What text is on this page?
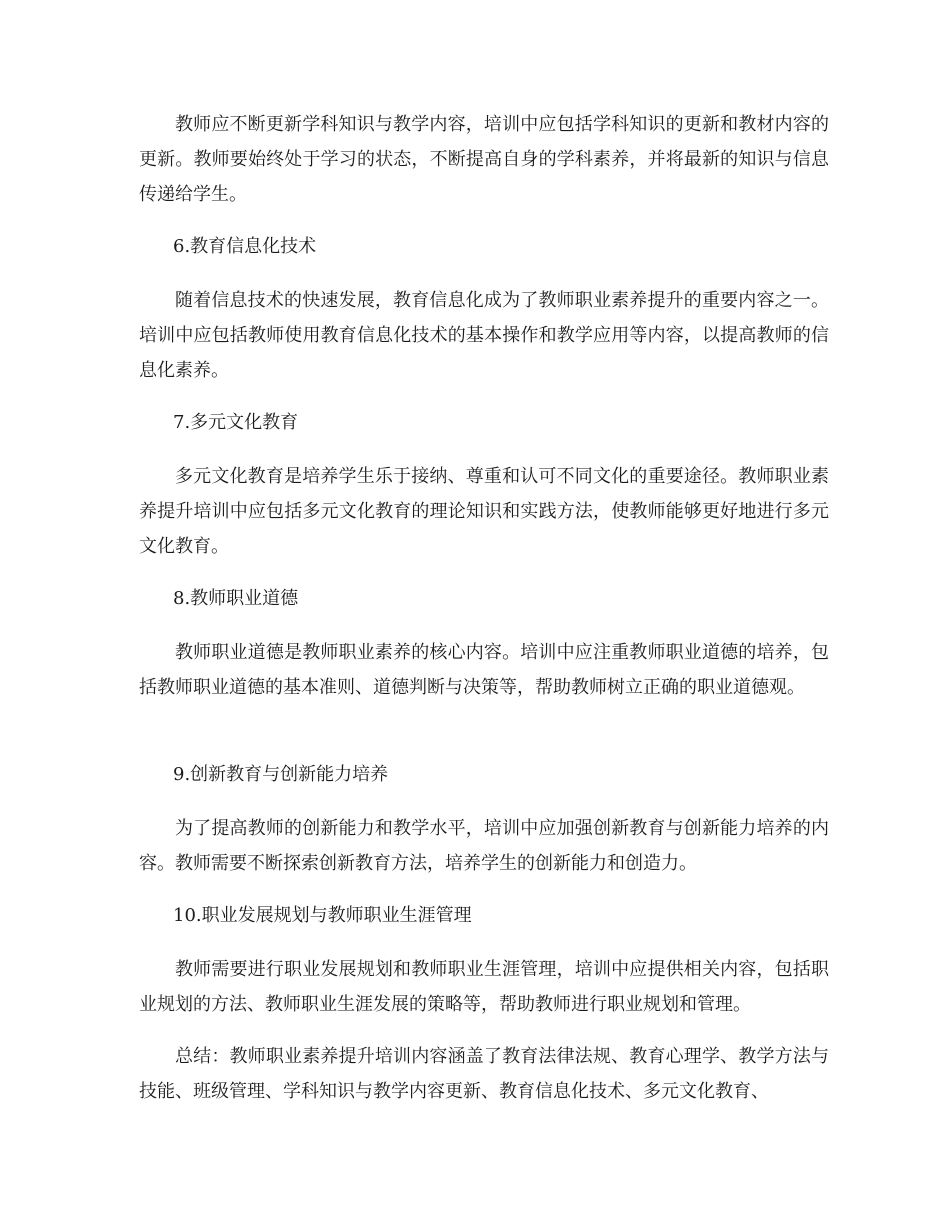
教师应不断更新学科知识与教学内容，培训中应包括学科知识的更新和教材内容的更新。教师要始终处于学习的状态，不断提高自身的学科素养，并将最新的知识与信息传递给学生。

6.教育信息化技术

随着信息技术的快速发展，教育信息化成为了教师职业素养提升的重要内容之一。培训中应包括教师使用教育信息化技术的基本操作和教学应用等内容，以提高教师的信息化素养。

7.多元文化教育

多元文化教育是培养学生乐于接纳、尊重和认可不同文化的重要途径。教师职业素养提升培训中应包括多元文化教育的理论知识和实践方法，使教师能够更好地进行多元文化教育。

8.教师职业道德

教师职业道德是教师职业素养的核心内容。培训中应注重教师职业道德的培养，包括教师职业道德的基本准则、道德判断与决策等，帮助教师树立正确的职业道德观。

9.创新教育与创新能力培养

为了提高教师的创新能力和教学水平，培训中应加强创新教育与创新能力培养的内容。教师需要不断探索创新教育方法，培养学生的创新能力和创造力。

10.职业发展规划与教师职业生涯管理

教师需要进行职业发展规划和教师职业生涯管理，培训中应提供相关内容，包括职业规划的方法、教师职业生涯发展的策略等，帮助教师进行职业规划和管理。

总结：教师职业素养提升培训内容涵盖了教育法律法规、教育心理学、教学方法与技能、班级管理、学科知识与教学内容更新、教育信息化技术、多元文化教育、
